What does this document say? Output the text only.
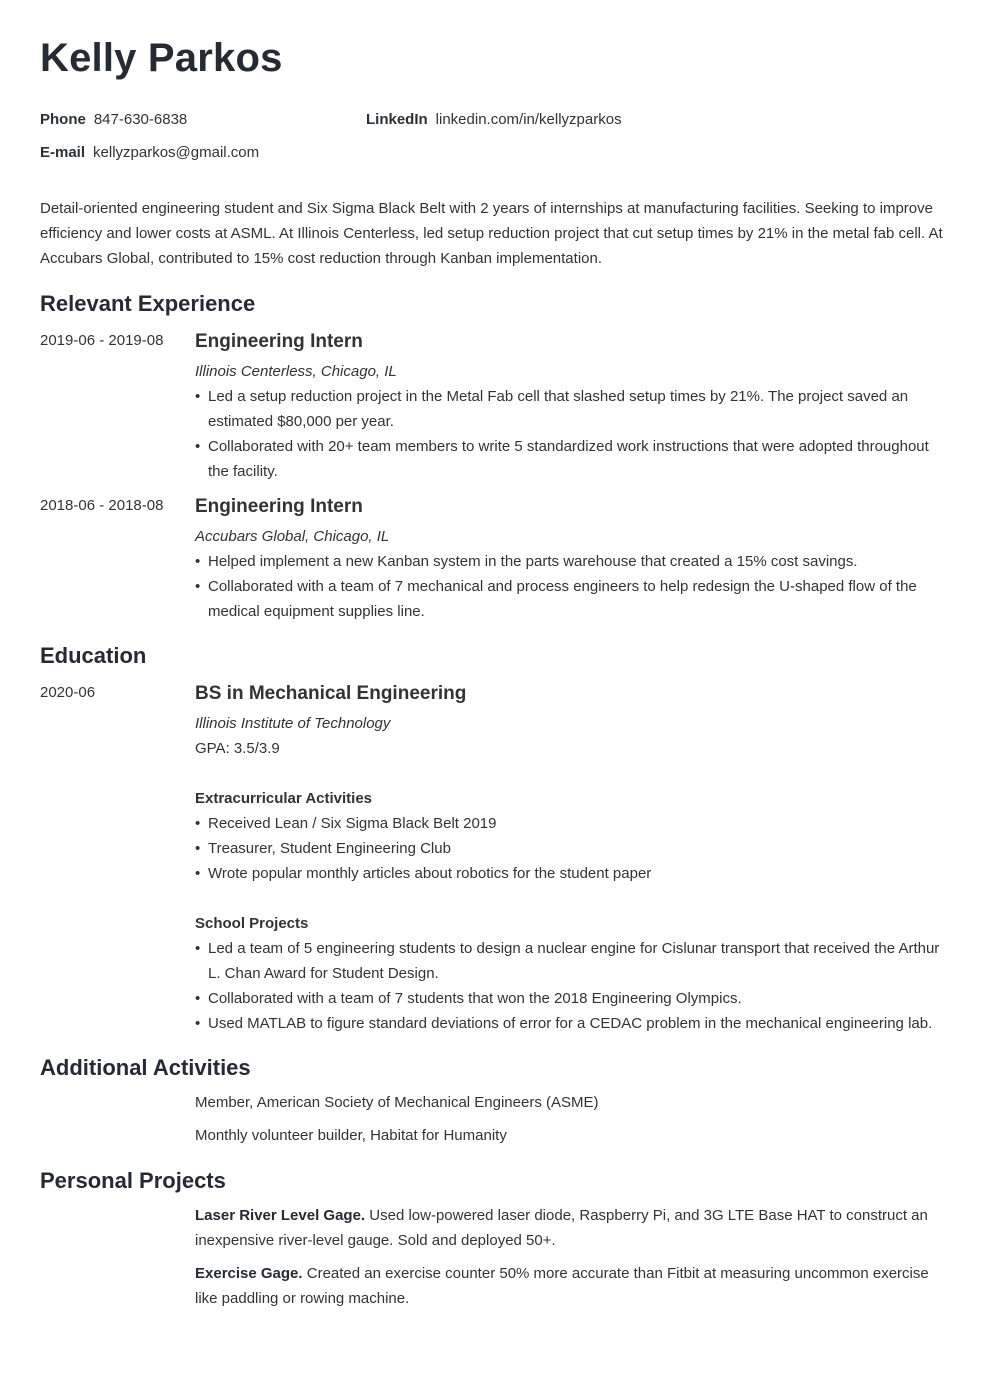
Kelly Parkos
Phone 847-630-6838	LinkedIn linkedin.com/in/kellyzparkos
E-mail kellyzparkos@gmail.com
Detail-oriented engineering student and Six Sigma Black Belt with 2 years of internships at manufacturing facilities. Seeking to improve efficiency and lower costs at ASML. At Illinois Centerless, led setup reduction project that cut setup times by 21% in the metal fab cell. At Accubars Global, contributed to 15% cost reduction through Kanban implementation.
Relevant Experience
2019-06 - 2019-08 Engineering Intern
Illinois Centerless, Chicago, IL
• Led a setup reduction project in the Metal Fab cell that slashed setup times by 21%. The project saved an estimated $80,000 per year.
• Collaborated with 20+ team members to write 5 standardized work instructions that were adopted throughout the facility.
2018-06 - 2018-08 Engineering Intern
Accubars Global, Chicago, IL
• Helped implement a new Kanban system in the parts warehouse that created a 15% cost savings.
• Collaborated with a team of 7 mechanical and process engineers to help redesign the U-shaped flow of the medical equipment supplies line.
Education
2020-06	BS in Mechanical Engineering
Illinois Institute of Technology
GPA: 3.5/3.9
Extracurricular Activities
• Received Lean / Six Sigma Black Belt 2019
• Treasurer, Student Engineering Club
• Wrote popular monthly articles about robotics for the student paper
School Projects
• Led a team of 5 engineering students to design a nuclear engine for Cislunar transport that received the Arthur L. Chan Award for Student Design.
• Collaborated with a team of 7 students that won the 2018 Engineering Olympics.
• Used MATLAB to figure standard deviations of error for a CEDAC problem in the mechanical engineering lab.
Additional Activities
Member, American Society of Mechanical Engineers (ASME)
Monthly volunteer builder, Habitat for Humanity
Personal Projects
Laser River Level Gage. Used low-powered laser diode, Raspberry Pi, and 3G LTE Base HAT to construct an inexpensive river-level gauge. Sold and deployed 50+.
Exercise Gage. Created an exercise counter 50% more accurate than Fitbit at measuring uncommon exercise like paddling or rowing machine.
